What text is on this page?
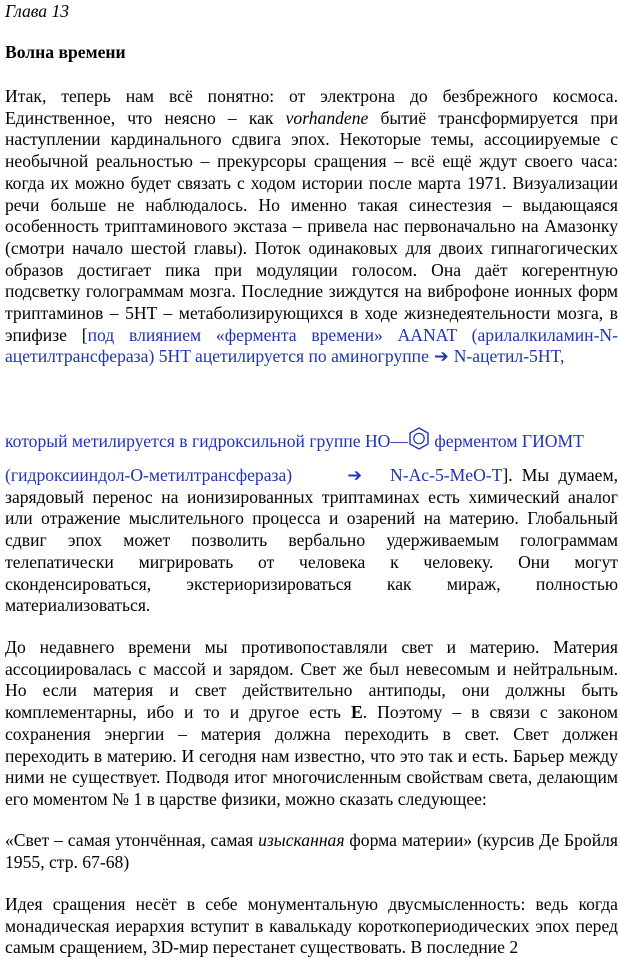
Глава 13
Волна времени

Итак, теперь нам всё понятно: от электрона до безбрежного космоса. Единственное, что неясно – как vorhandene бытиё трансформируется при наступлении кардинального сдвига эпох. Некоторые темы, ассоциируемые с необычной реальностью – прекурсоры сращения – всё ещё ждут своего часа: когда их можно будет связать с ходом истории после марта 1971. Визуализации речи больше не наблюдалось. Но именно такая синестезия – выдающаяся особенность триптаминового экстаза – привела нас первоначально на Амазонку (смотри начало шестой главы). Поток одинаковых для двоих гипнагогических образов достигает пика при модуляции голосом. Она даёт когерентную подсветку голограммам мозга. Последние зиждутся на виброфоне ионных форм триптаминов – 5HT – метаболизирующихся в ходе жизнедеятельности мозга, в эпифизе [под влиянием «фермента времени» AANAT (арилалкиламин-N-ацетилтрансфераза) 5HT ацетилируется по аминогруппе ➔ N-ацетил-5HT,

который метилируется в гидроксильной группе HO— ферментом ГИОМТ

(гидроксииндол-O-метилтрансфераза)	➔   N-Ac-5-MeO-T]. Мы думаем, зарядовый перенос на ионизированных триптаминах есть химический аналог или отражение мыслительного процесса и озарений на материю. Глобальный сдвиг эпох может позволить вербально удерживаемым голограммам телепатически мигрировать от человека к человеку. Они могут сконденсироваться, экстериоризироваться как мираж, полностью материализоваться.

До недавнего времени мы противопоставляли свет и материю. Материя ассоциировалась с массой и зарядом. Свет же был невесомым и нейтральным. Но если материя и свет действительно антиподы, они должны быть комплементарны, ибо и то и другое есть E. Поэтому – в связи с законом сохранения энергии – материя должна переходить в свет. Свет должен переходить в материю. И сегодня нам известно, что это так и есть. Барьер между ними не существует. Подводя итог многочисленным свойствам света, делающим его моментом № 1 в царстве физики, можно сказать следующее:

«Свет – самая утончённая, самая изысканная форма материи» (курсив Де Бройля 1955, стр. 67-68)

Идея сращения несёт в себе монументальную двусмысленность: ведь когда монадическая иерархия вступит в кавалькаду короткопериодических эпох перед самым сращением, 3D-мир перестанет существовать. В последние 2
